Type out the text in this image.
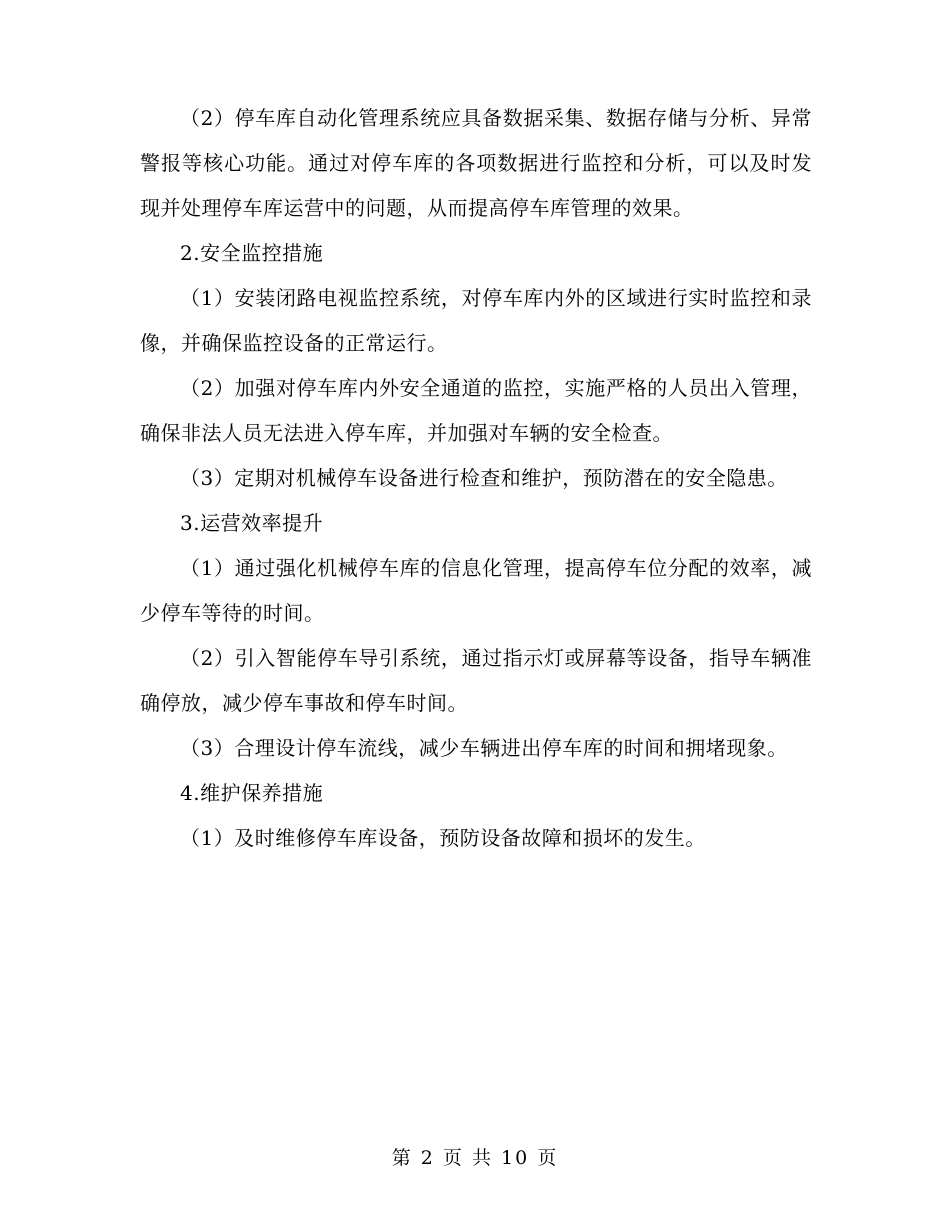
（2）停车库自动化管理系统应具备数据采集、数据存储与分析、异常警报等核心功能。通过对停车库的各项数据进行监控和分析，可以及时发现并处理停车库运营中的问题，从而提高停车库管理的效果。

2.安全监控措施

（1）安装闭路电视监控系统，对停车库内外的区域进行实时监控和录像，并确保监控设备的正常运行。

（2）加强对停车库内外安全通道的监控，实施严格的人员出入管理，确保非法人员无法进入停车库，并加强对车辆的安全检查。

（3）定期对机械停车设备进行检查和维护，预防潜在的安全隐患。

3.运营效率提升

（1）通过强化机械停车库的信息化管理，提高停车位分配的效率，减少停车等待的时间。

（2）引入智能停车导引系统，通过指示灯或屏幕等设备，指导车辆准确停放，减少停车事故和停车时间。

（3）合理设计停车流线，减少车辆进出停车库的时间和拥堵现象。

4.维护保养措施

（1）及时维修停车库设备，预防设备故障和损坏的发生。

第 2 页 共 10 页
